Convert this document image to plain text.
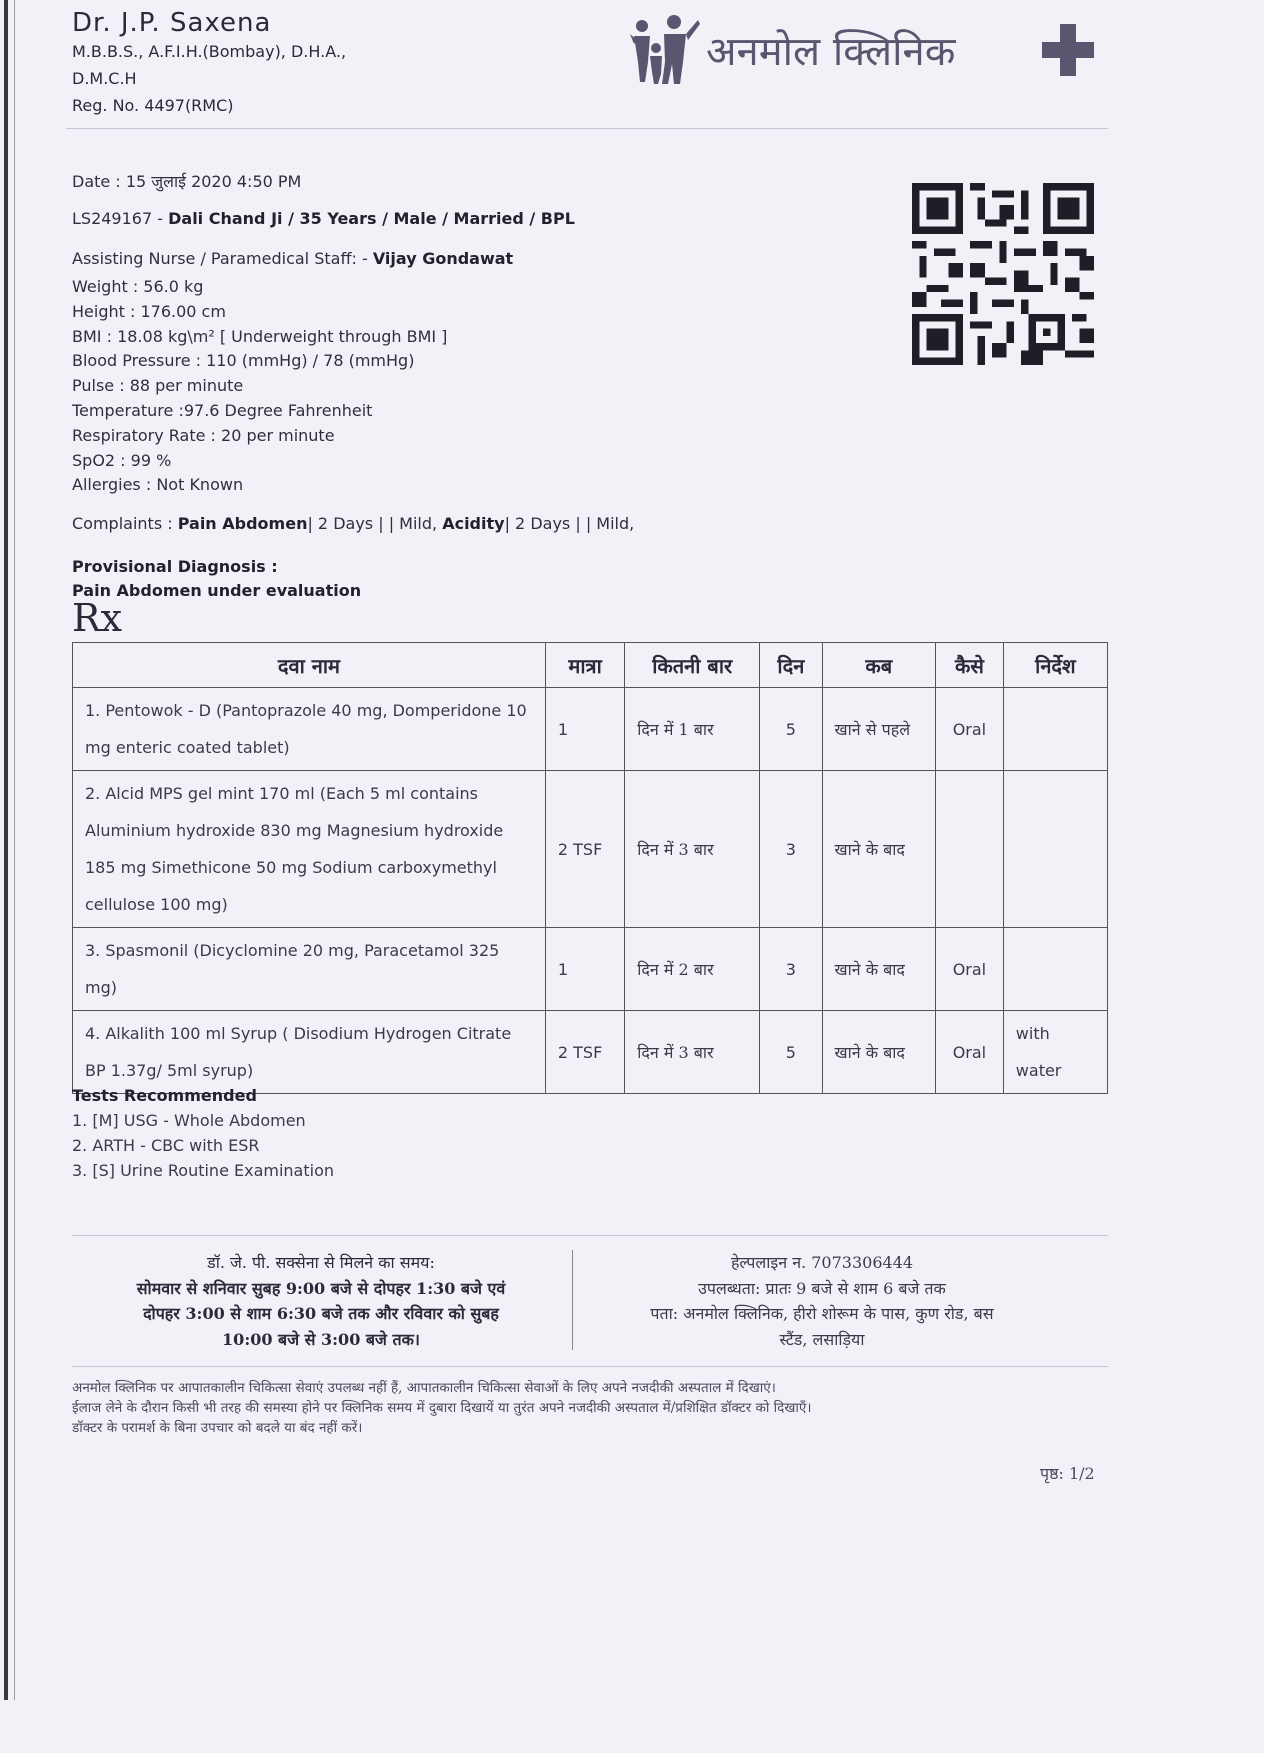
Dr. J.P. Saxena
M.B.B.S., A.F.I.H.(Bombay), D.H.A.,
D.M.C.H
Reg. No. 4497(RMC)
अनमोल क्लिनिक
Date : 15 जुलाई 2020 4:50 PM
LS249167 - Dali Chand Ji / 35 Years / Male / Married / BPL
Assisting Nurse / Paramedical Staff: - Vijay Gondawat
Weight : 56.0 kg
Height : 176.00 cm
BMI : 18.08 kg\m² [ Underweight through BMI ]
Blood Pressure : 110 (mmHg) / 78 (mmHg)
Pulse : 88 per minute
Temperature :97.6 Degree Fahrenheit
Respiratory Rate : 20 per minute
SpO2 : 99 %
Allergies : Not Known
Complaints : Pain Abdomen| 2 Days | | Mild, Acidity| 2 Days | | Mild,
Provisional Diagnosis :
Pain Abdomen under evaluation
Rx
दवा नाम	मात्रा	कितनी बार	दिन	कब	कैसे	निर्देश
1. Pentowok - D (Pantoprazole 40 mg, Domperidone 10 mg enteric coated tablet)	1	दिन में 1 बार	5	खाने से पहले	Oral	
2. Alcid MPS gel mint 170 ml (Each 5 ml contains Aluminium hydroxide 830 mg Magnesium hydroxide 185 mg Simethicone 50 mg Sodium carboxymethyl cellulose 100 mg)	2 TSF	दिन में 3 बार	3	खाने के बाद		
3. Spasmonil (Dicyclomine 20 mg, Paracetamol 325 mg)	1	दिन में 2 बार	3	खाने के बाद	Oral	
4. Alkalith 100 ml Syrup ( Disodium Hydrogen Citrate BP 1.37g/ 5ml syrup)	2 TSF	दिन में 3 बार	5	खाने के बाद	Oral	with water
Tests Recommended
1. [M] USG - Whole Abdomen
2. ARTH - CBC with ESR
3. [S] Urine Routine Examination
डॉ. जे. पी. सक्सेना से मिलने का समय:
सोमवार से शनिवार सुबह 9:00 बजे से दोपहर 1:30 बजे एवं
दोपहर 3:00 से शाम 6:30 बजे तक और रविवार को सुबह
10:00 बजे से 3:00 बजे तक।
हेल्पलाइन न. 7073306444
उपलब्धता: प्रातः 9 बजे से शाम 6 बजे तक
पता: अनमोल क्लिनिक, हीरो शोरूम के पास, कुण रोड, बस
स्टैंड, लसाड़िया
अनमोल क्लिनिक पर आपातकालीन चिकित्सा सेवाएं उपलब्ध नहीं हैं, आपातकालीन चिकित्सा सेवाओं के लिए अपने नजदीकी अस्पताल में दिखाएं।
ईलाज लेने के दौरान किसी भी तरह की समस्या होने पर क्लिनिक समय में दुबारा दिखायें या तुरंत अपने नजदीकी अस्पताल में/प्रशिक्षित डॉक्टर को दिखाएँ।
डॉक्टर के परामर्श के बिना उपचार को बदले या बंद नहीं करें।
पृष्ठ: 1/2
